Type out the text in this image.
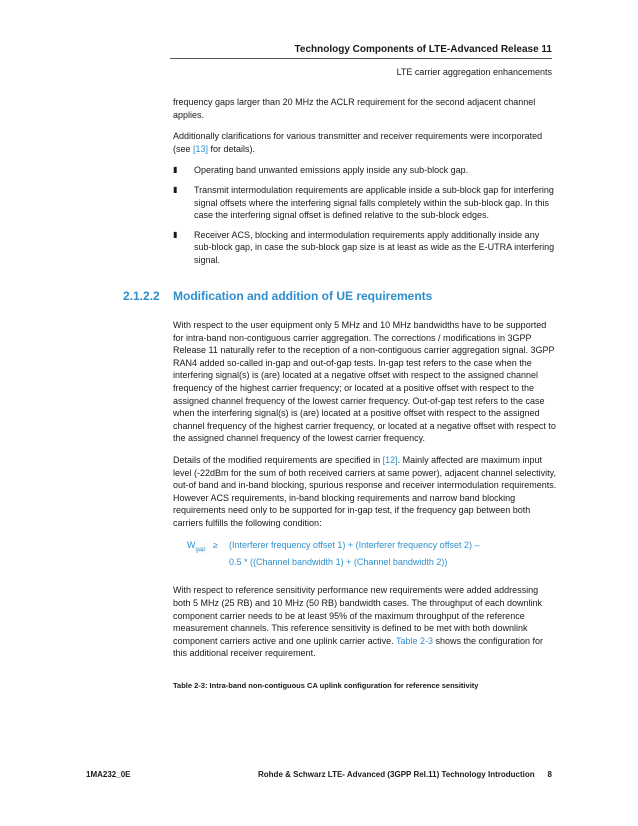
Technology Components of LTE-Advanced Release 11
LTE carrier aggregation enhancements

frequency gaps larger than 20 MHz the ACLR requirement for the second adjacent channel applies.

Additionally clarifications for various transmitter and receiver requirements were incorporated (see [13] for details).

▮ Operating band unwanted emissions apply inside any sub-block gap.
▮ Transmit intermodulation requirements are applicable inside a sub-block gap for interfering signal offsets where the interfering signal falls completely within the sub-block gap. In this case the interfering signal offset is defined relative to the sub-block edges.
▮ Receiver ACS, blocking and intermodulation requirements apply additionally inside any sub-block gap, in case the sub-block gap size is at least as wide as the E-UTRA interfering signal.
2.1.2.2 Modification and addition of UE requirements

With respect to the user equipment only 5 MHz and 10 MHz bandwidths have to be supported for intra-band non-contiguous carrier aggregation. The corrections / modifications in 3GPP Release 11 naturally refer to the reception of a non-contiguous carrier aggregation signal. 3GPP RAN4 added so-called in-gap and out-of-gap tests. In-gap test refers to the case when the interfering signal(s) is (are) located at a negative offset with respect to the assigned channel frequency of the highest carrier frequency; or located at a positive offset with respect to the assigned channel frequency of the lowest carrier frequency. Out-of-gap test refers to the case when the interfering signal(s) is (are) located at a positive offset with respect to the assigned channel frequency of the highest carrier frequency, or located at a negative offset with respect to the assigned channel frequency of the lowest carrier frequency.

Details of the modified requirements are specified in [12]. Mainly affected are maximum input level (-22dBm for the sum of both received carriers at same power), adjacent channel selectivity, out-of band and in-band blocking, spurious response and receiver intermodulation requirements. However ACS requirements, in-band blocking requirements and narrow band blocking requirements need only to be supported for in-gap test, if the frequency gap between both carriers fulfills the following condition:

$W_{gap}$ ≥	(Interferer frequency offset 1) + (Interferer frequency offset 2) –
0.5 * ((Channel bandwidth 1) + (Channel bandwidth 2))

With respect to reference sensitivity performance new requirements were added addressing both 5 MHz (25 RB) and 10 MHz (50 RB) bandwidth cases. The throughput of each downlink component carrier needs to be at least 95% of the maximum throughput of the reference measurement channels. This reference sensitivity is defined to be met with both downlink component carriers active and one uplink carrier active. Table 2-3 shows the configuration for this additional receiver requirement.

Table 2-3: Intra-band non-contiguous CA uplink configuration for reference sensitivity
1MA232_0E	Rohde & Schwarz LTE- Advanced (3GPP Rel.11) Technology Introduction 8
